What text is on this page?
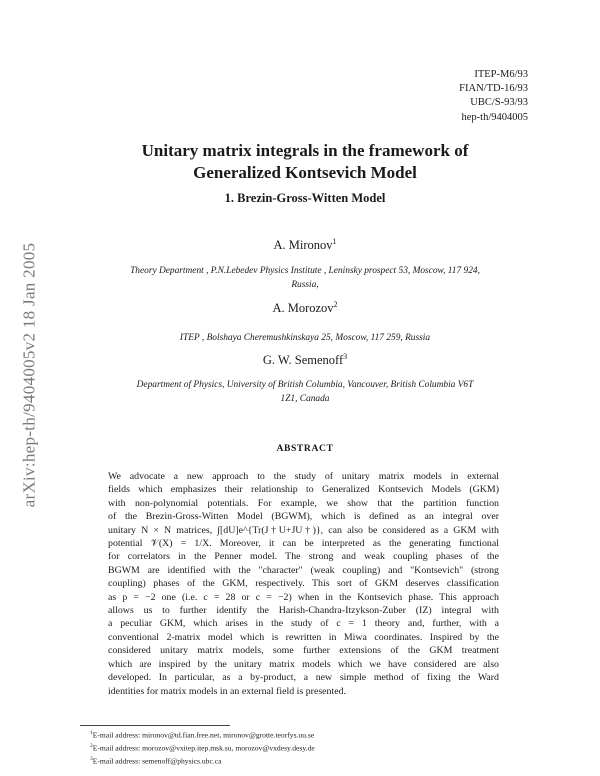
arXiv:hep-th/9404005v2 18 Jan 2005
ITEP-M6/93
FIAN/TD-16/93
UBC/S-93/93
hep-th/9404005
Unitary matrix integrals in the framework of
Generalized Kontsevich Model
1. Brezin-Gross-Witten Model
A. Mironov$^1$
Theory Department , P.N.Lebedev Physics Institute , Leninsky prospect 53, Moscow, 117 924,
Russia,
A. Morozov$^2$
ITEP , Bolshaya Cheremushkinskaya 25, Moscow, 117 259, Russia
G. W. Semenoff$^3$
Department of Physics, University of British Columbia, Vancouver, British Columbia V6T
1Z1, Canada
ABSTRACT
We advocate a new approach to the study of unitary matrix models in external
fields which emphasizes their relationship to Generalized Kontsevich Models (GKM)
with non-polynomial potentials. For example, we show that the partition function
of the Brezin-Gross-Witten Model (BGWM), which is defined as an integral over
unitary N × N matrices, ∫[dU]e^{Tr(J†U+JU†)}, can also be considered as a GKM with
potential 𝒱(X) = 1/X. Moreover, it can be interpreted as the generating functional
for correlators in the Penner model. The strong and weak coupling phases of the
BGWM are identified with the "character" (weak coupling) and "Kontsevich" (strong
coupling) phases of the GKM, respectively. This sort of GKM deserves classification
as p = −2 one (i.e. c = 28 or c = −2) when in the Kontsevich phase. This approach
allows us to further identify the Harish-Chandra-Itzykson-Zuber (IZ) integral with
a peculiar GKM, which arises in the study of c = 1 theory and, further, with a
conventional 2-matrix model which is rewritten in Miwa coordinates. Inspired by the
considered unitary matrix models, some further extensions of the GKM treatment
which are inspired by the unitary matrix models which we have considered are also
developed. In particular, as a by-product, a new simple method of fixing the Ward
identities for matrix models in an external field is presented.
$^1$E-mail address: mironov@td.fian.free.net, mironov@grotte.teorfys.uu.se
$^2$E-mail address: morozov@vxitep.itep.msk.su, morozov@vxdesy.desy.de
$^3$E-mail address: semenoff@physics.ubc.ca
